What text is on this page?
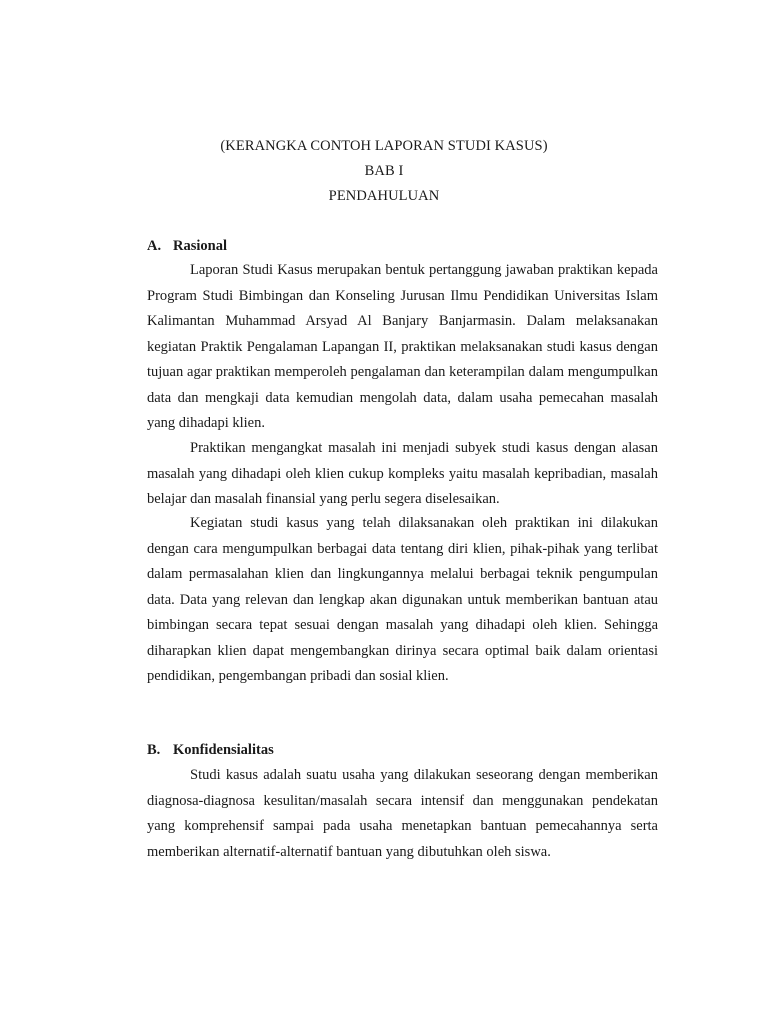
(KERANGKA CONTOH LAPORAN STUDI KASUS)
BAB I
PENDAHULUAN
A. Rasional

Laporan Studi Kasus merupakan bentuk pertanggung jawaban praktikan kepada Program Studi Bimbingan dan Konseling Jurusan Ilmu Pendidikan Universitas Islam Kalimantan Muhammad Arsyad Al Banjary Banjarmasin. Dalam melaksanakan kegiatan Praktik Pengalaman Lapangan II, praktikan melaksanakan studi kasus dengan tujuan agar praktikan memperoleh pengalaman dan keterampilan dalam mengumpulkan data dan mengkaji data kemudian mengolah data, dalam usaha pemecahan masalah yang dihadapi klien.

Praktikan mengangkat masalah ini menjadi subyek studi kasus dengan alasan masalah yang dihadapi oleh klien cukup kompleks yaitu masalah kepribadian, masalah belajar dan masalah finansial yang perlu segera diselesaikan.

Kegiatan studi kasus yang telah dilaksanakan oleh praktikan ini dilakukan dengan cara mengumpulkan berbagai data tentang diri klien, pihak-pihak yang terlibat dalam permasalahan klien dan lingkungannya melalui berbagai teknik pengumpulan data. Data yang relevan dan lengkap akan digunakan untuk memberikan bantuan atau bimbingan secara tepat sesuai dengan masalah yang dihadapi oleh klien. Sehingga diharapkan klien dapat mengembangkan dirinya secara optimal baik dalam orientasi pendidikan, pengembangan pribadi dan sosial klien.

B. Konfidensialitas

Studi kasus adalah suatu usaha yang dilakukan seseorang dengan memberikan diagnosa-diagnosa kesulitan/masalah secara intensif dan menggunakan pendekatan yang komprehensif sampai pada usaha menetapkan bantuan pemecahannya serta memberikan alternatif-alternatif bantuan yang dibutuhkan oleh siswa.
